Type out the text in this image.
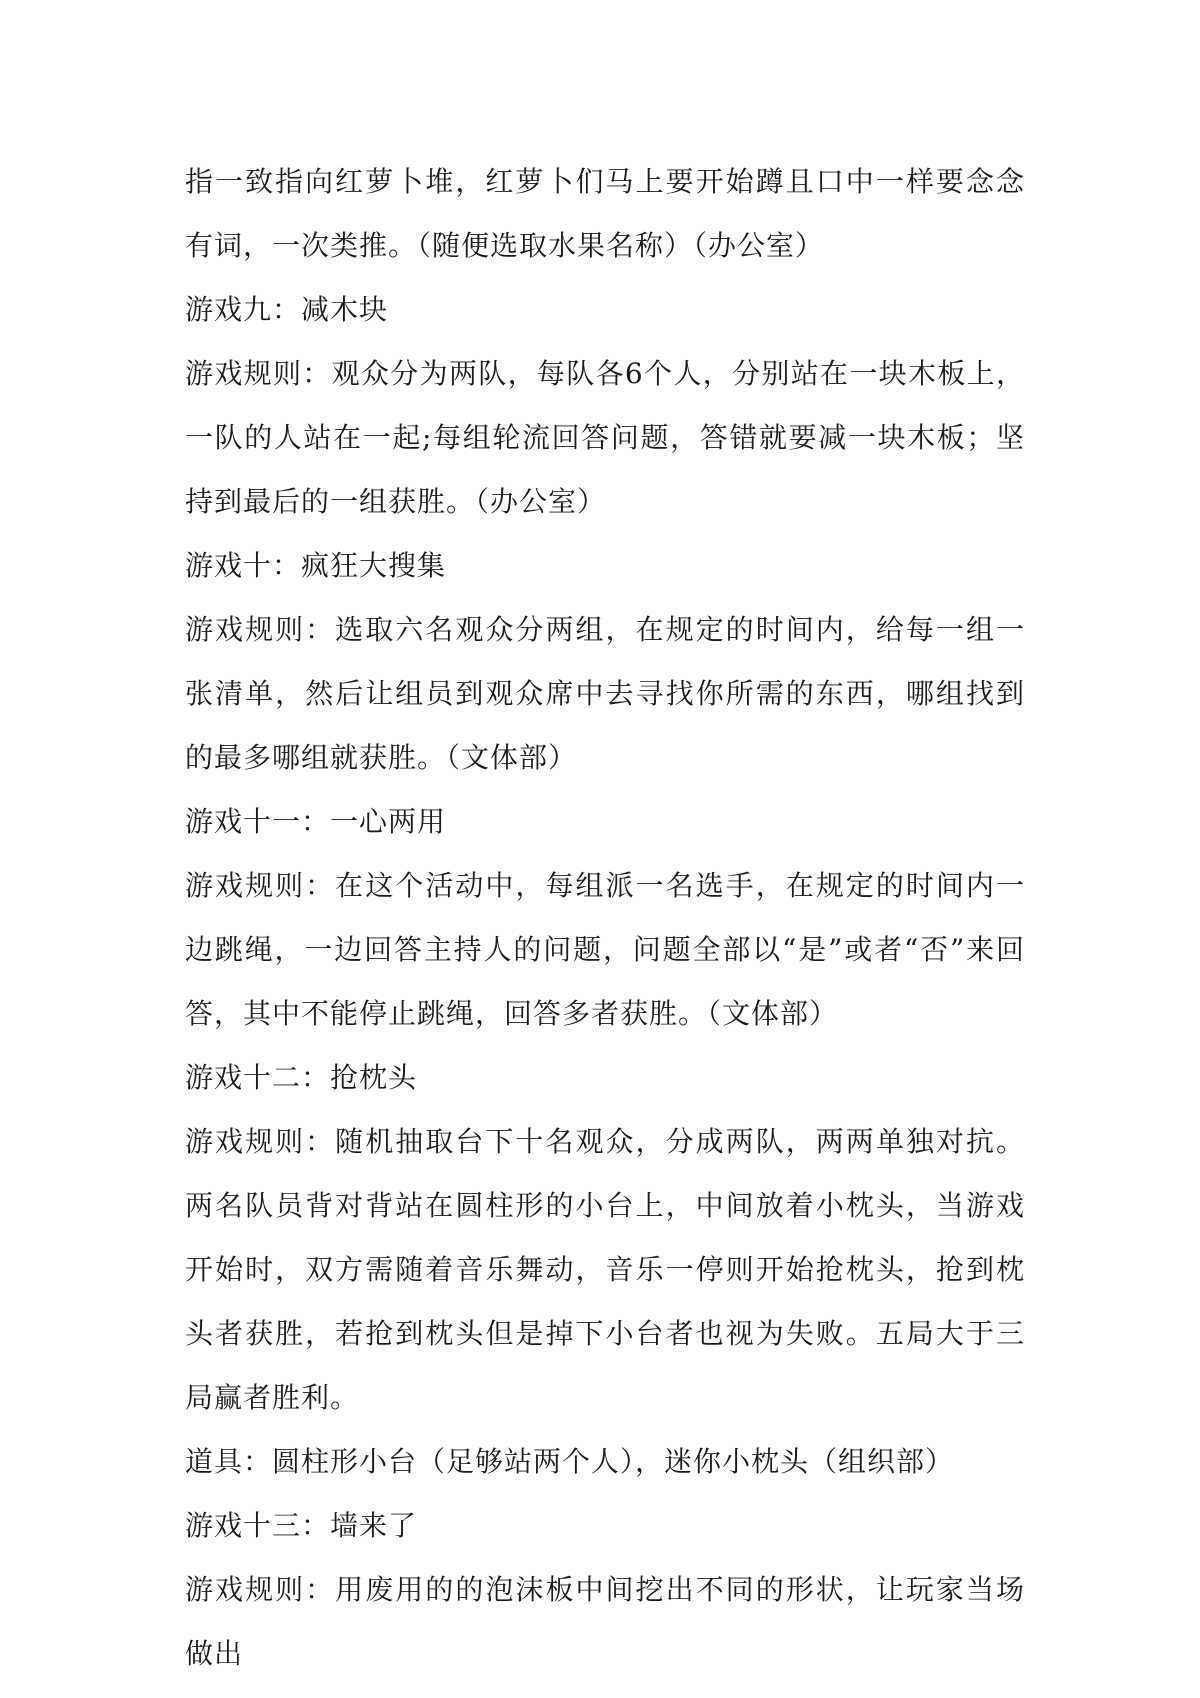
指一致指向红萝卜堆，红萝卜们马上要开始蹲且口中一样要念念有词，一次类推。（随便选取水果名称）（办公室）

游戏九：减木块

游戏规则：观众分为两队，每队各6个人，分别站在一块木板上，一队的人站在一起;每组轮流回答问题，答错就要减一块木板；坚持到最后的一组获胜。（办公室）

游戏十：疯狂大搜集

游戏规则：选取六名观众分两组，在规定的时间内，给每一组一张清单，然后让组员到观众席中去寻找你所需的东西，哪组找到的最多哪组就获胜。（文体部）

游戏十一：一心两用

游戏规则：在这个活动中，每组派一名选手，在规定的时间内一边跳绳，一边回答主持人的问题，问题全部以“是”或者“否”来回答，其中不能停止跳绳，回答多者获胜。（文体部）

游戏十二：抢枕头

游戏规则：随机抽取台下十名观众，分成两队，两两单独对抗。两名队员背对背站在圆柱形的小台上，中间放着小枕头，当游戏开始时，双方需随着音乐舞动，音乐一停则开始抢枕头，抢到枕头者获胜，若抢到枕头但是掉下小台者也视为失败。五局大于三局赢者胜利。

道具：圆柱形小台（足够站两个人），迷你小枕头（组织部）

游戏十三：墙来了

游戏规则：用废用的的泡沫板中间挖出不同的形状，让玩家当场做出
